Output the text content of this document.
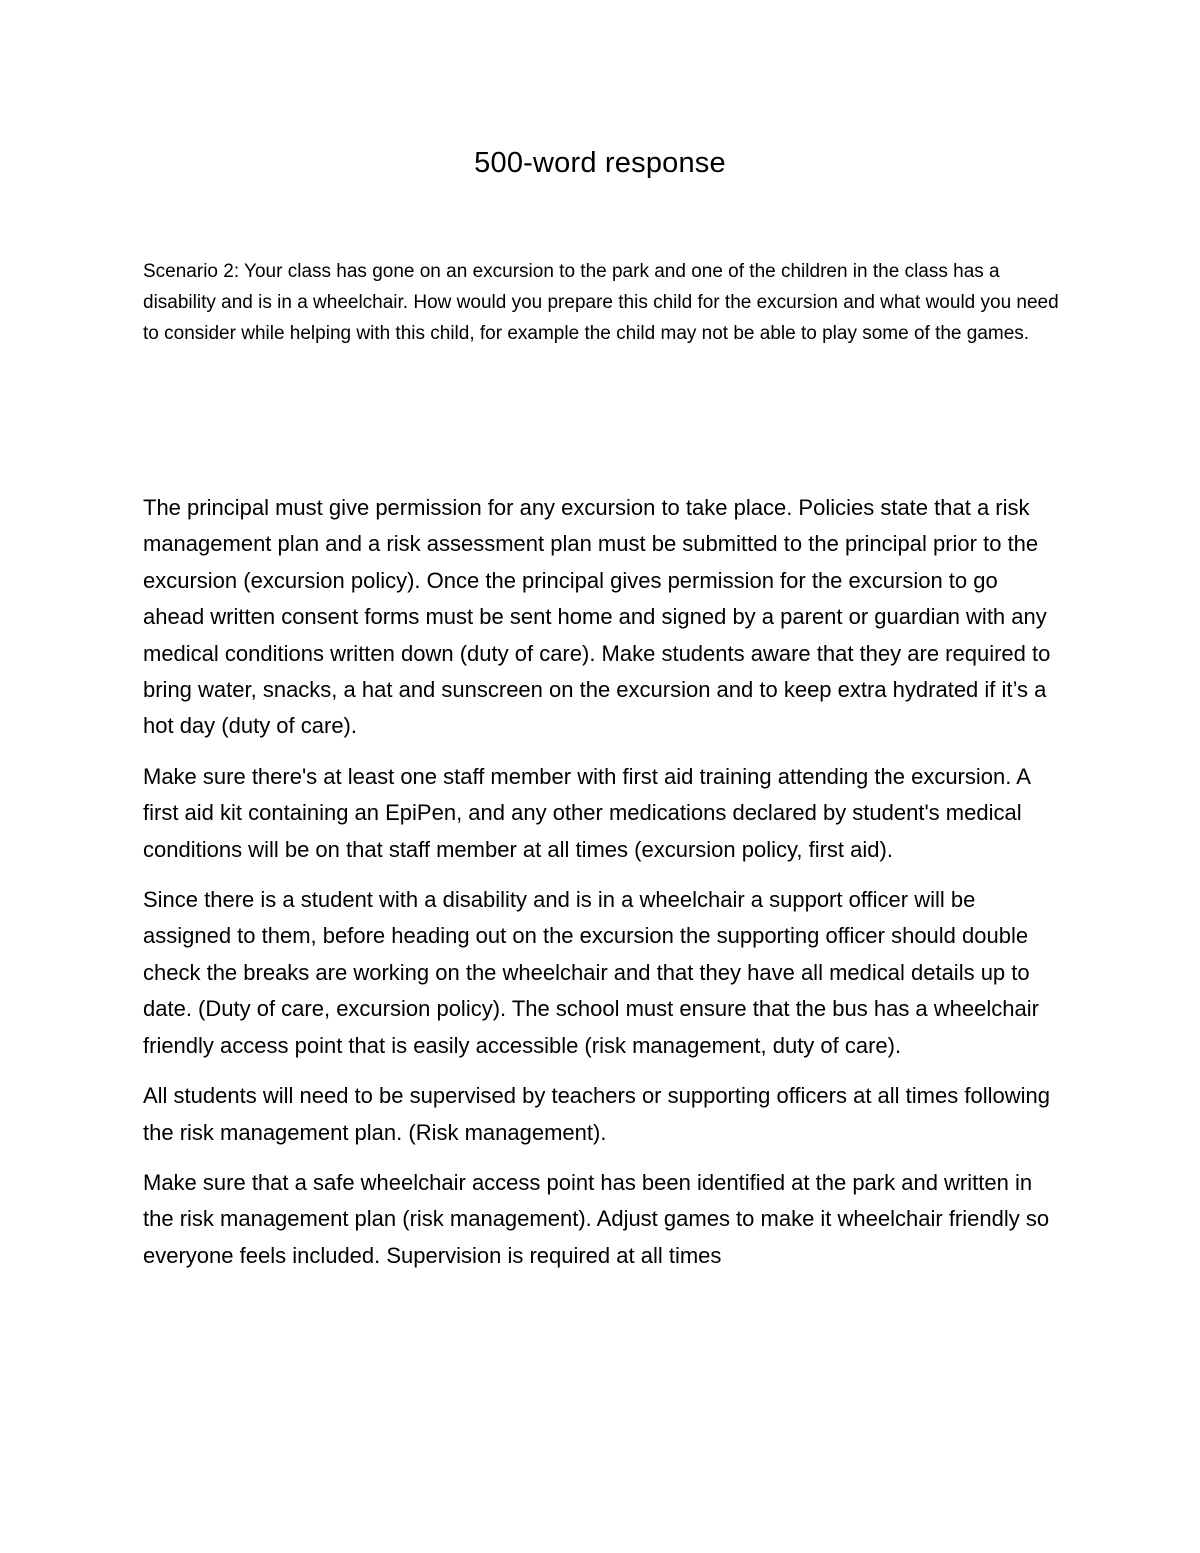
500-word response

Scenario 2: Your class has gone on an excursion to the park and one of the children in the class has a disability and is in a wheelchair. How would you prepare this child for the excursion and what would you need to consider while helping with this child, for example the child may not be able to play some of the games.

The principal must give permission for any excursion to take place. Policies state that a risk management plan and a risk assessment plan must be submitted to the principal prior to the excursion (excursion policy). Once the principal gives permission for the excursion to go ahead written consent forms must be sent home and signed by a parent or guardian with any medical conditions written down (duty of care). Make students aware that they are required to bring water, snacks, a hat and sunscreen on the excursion and to keep extra hydrated if it’s a hot day (duty of care).

Make sure there's at least one staff member with first aid training attending the excursion. A first aid kit containing an EpiPen, and any other medications declared by student's medical conditions will be on that staff member at all times (excursion policy, first aid).

Since there is a student with a disability and is in a wheelchair a support officer will be assigned to them, before heading out on the excursion the supporting officer should double check the breaks are working on the wheelchair and that they have all medical details up to date. (Duty of care, excursion policy). The school must ensure that the bus has a wheelchair friendly access point that is easily accessible (risk management, duty of care).

All students will need to be supervised by teachers or supporting officers at all times following the risk management plan. (Risk management).

Make sure that a safe wheelchair access point has been identified at the park and written in the risk management plan (risk management). Adjust games to make it wheelchair friendly so everyone feels included. Supervision is required at all times
